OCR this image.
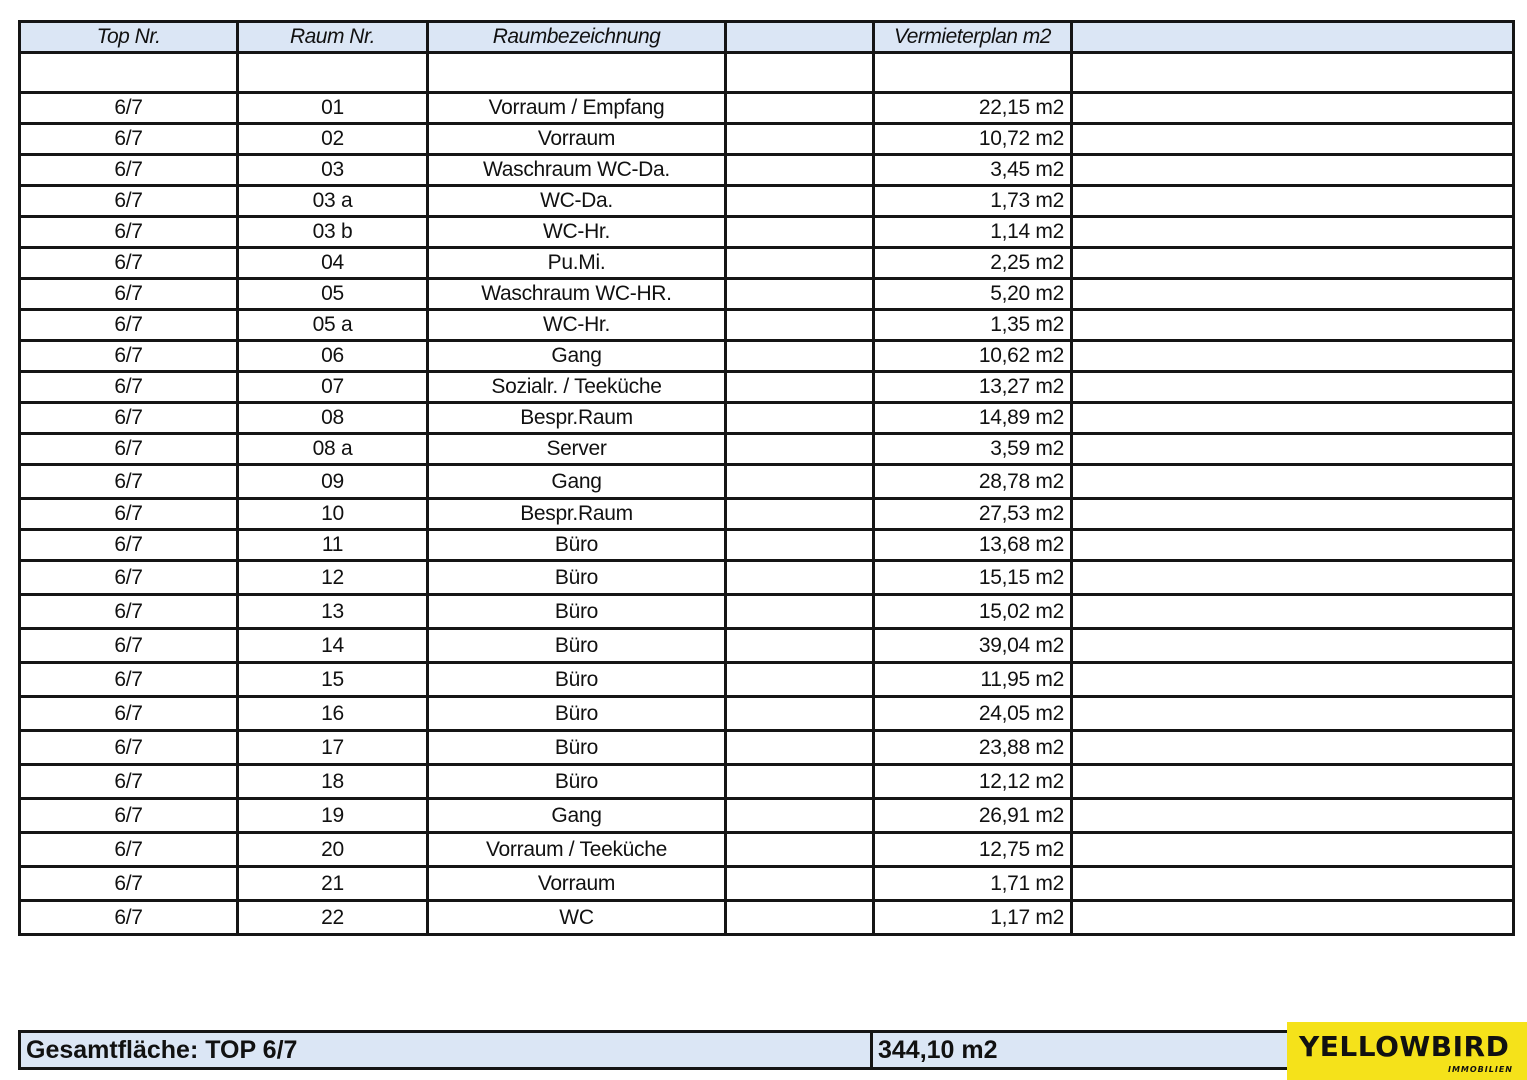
Top Nr.	Raum Nr.	Raumbezeichnung		Vermieterplan m2	

6/7	01	Vorraum / Empfang		22,15 m2	
6/7	02	Vorraum		10,72 m2	
6/7	03	Waschraum WC-Da.		3,45 m2	
6/7	03 a	WC-Da.		1,73 m2	
6/7	03 b	WC-Hr.		1,14 m2	
6/7	04	Pu.Mi.		2,25 m2	
6/7	05	Waschraum WC-HR.		5,20 m2	
6/7	05 a	WC-Hr.		1,35 m2	
6/7	06	Gang		10,62 m2	
6/7	07	Sozialr. / Teeküche		13,27 m2	
6/7	08	Bespr.Raum		14,89 m2	
6/7	08 a	Server		3,59 m2	
6/7	09	Gang		28,78 m2	
6/7	10	Bespr.Raum		27,53 m2	
6/7	11	Büro		13,68 m2	
6/7	12	Büro		15,15 m2	
6/7	13	Büro		15,02 m2	
6/7	14	Büro		39,04 m2	
6/7	15	Büro		11,95 m2	
6/7	16	Büro		24,05 m2	
6/7	17	Büro		23,88 m2	
6/7	18	Büro		12,12 m2	
6/7	19	Gang		26,91 m2	
6/7	20	Vorraum / Teeküche		12,75 m2	
6/7	21	Vorraum		1,71 m2	
6/7	22	WC		1,17 m2	
Gesamtfläche: TOP 6/7	344,10 m2	YELLOWBIRD
IMMOBILIEN
